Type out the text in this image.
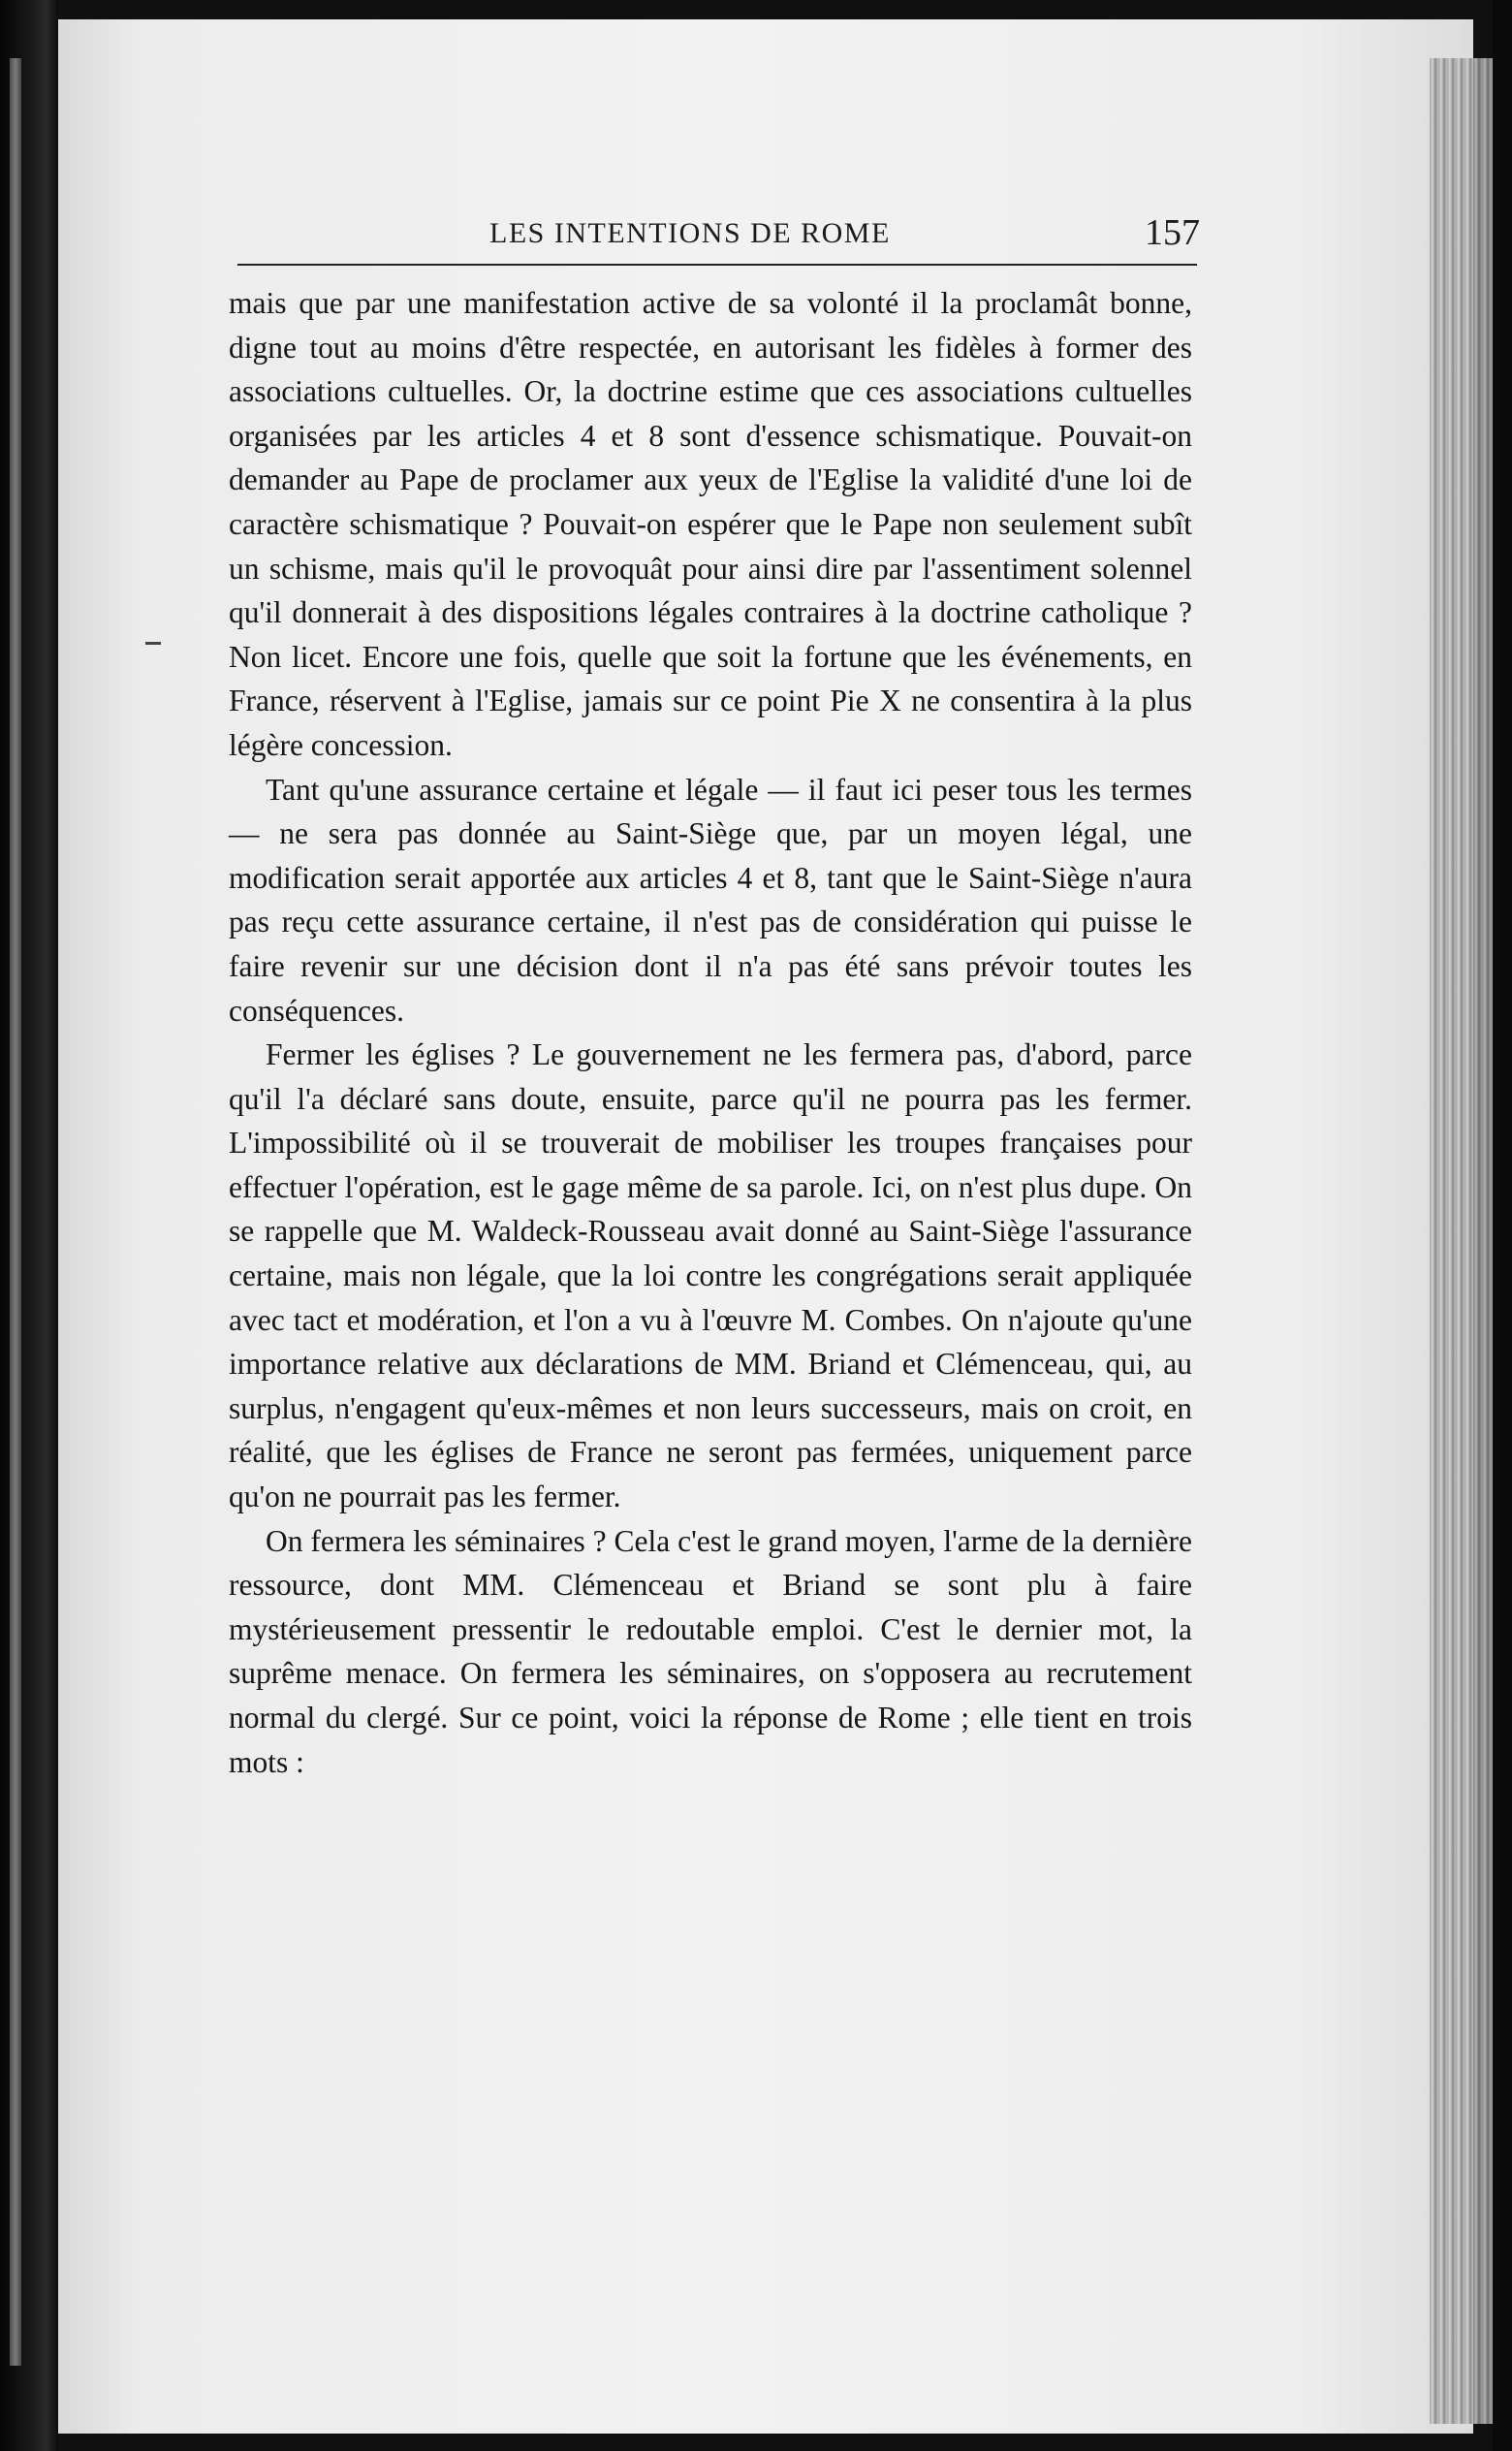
LES INTENTIONS DE ROME	157

mais que par une manifestation active de sa volonté il la proclamât bonne, digne tout au moins d'être respectée, en autorisant les fidèles à former des associations cultuelles. Or, la doctrine estime que ces associations cultuelles organisées par les articles 4 et 8 sont d'essence schismatique. Pouvait-on demander au Pape de proclamer aux yeux de l'Eglise la validité d'une loi de caractère schismatique ? Pouvait-on espérer que le Pape non seulement subît un schisme, mais qu'il le provoquât pour ainsi dire par l'assentiment solennel qu'il donnerait à des dispositions légales contraires à la doctrine catholique ? Non licet. Encore une fois, quelle que soit la fortune que les événements, en France, réservent à l'Eglise, jamais sur ce point Pie X ne consentira à la plus légère concession.

Tant qu'une assurance certaine et légale — il faut ici peser tous les termes — ne sera pas donnée au Saint-Siège que, par un moyen légal, une modification serait apportée aux articles 4 et 8, tant que le Saint-Siège n'aura pas reçu cette assurance certaine, il n'est pas de considération qui puisse le faire revenir sur une décision dont il n'a pas été sans prévoir toutes les conséquences.

Fermer les églises ? Le gouvernement ne les fermera pas, d'abord, parce qu'il l'a déclaré sans doute, ensuite, parce qu'il ne pourra pas les fermer. L'impossibilité où il se trouverait de mobiliser les troupes françaises pour effectuer l'opération, est le gage même de sa parole. Ici, on n'est plus dupe. On se rappelle que M. Waldeck-Rousseau avait donné au Saint-Siège l'assurance certaine, mais non légale, que la loi contre les congrégations serait appliquée avec tact et modération, et l'on a vu à l'œuvre M. Combes. On n'ajoute qu'une importance relative aux déclarations de MM. Briand et Clémenceau, qui, au surplus, n'engagent qu'eux-mêmes et non leurs successeurs, mais on croit, en réalité, que les églises de France ne seront pas fermées, uniquement parce qu'on ne pourrait pas les fermer.

On fermera les séminaires ? Cela c'est le grand moyen, l'arme de la dernière ressource, dont MM. Clémenceau et Briand se sont plu à faire mystérieusement pressentir le redoutable emploi. C'est le dernier mot, la suprême menace. On fermera les séminaires, on s'opposera au recrutement normal du clergé. Sur ce point, voici la réponse de Rome ; elle tient en trois mots :
